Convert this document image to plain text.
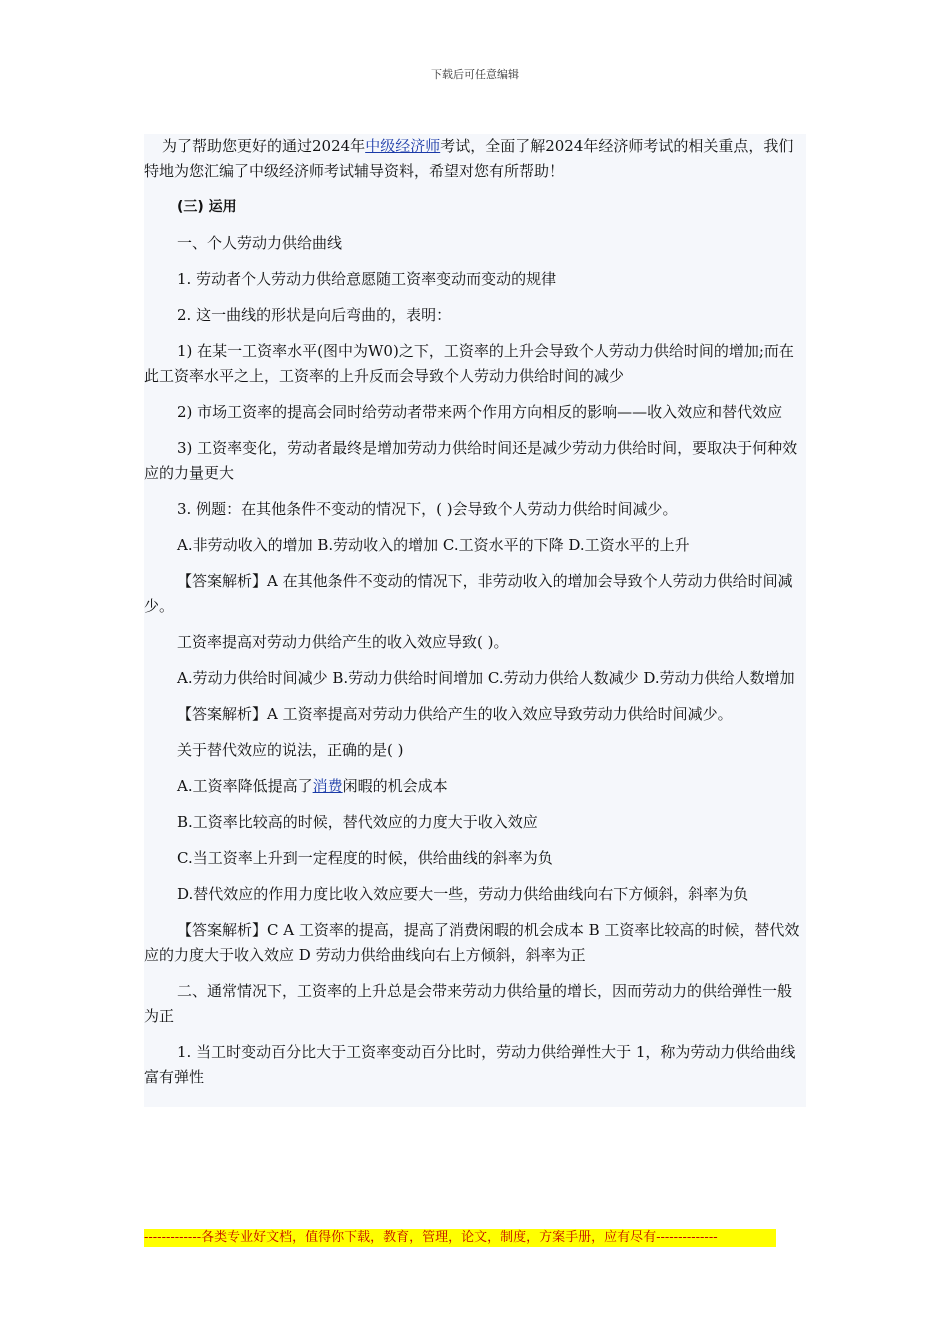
下载后可任意编辑

为了帮助您更好的通过2024年中级经济师考试，全面了解2024年经济师考试的相关重点，我们特地为您汇编了中级经济师考试辅导资料，希望对您有所帮助！

(三) 运用

一、个人劳动力供给曲线

1. 劳动者个人劳动力供给意愿随工资率变动而变动的规律

2. 这一曲线的形状是向后弯曲的，表明：

1) 在某一工资率水平(图中为W0)之下，工资率的上升会导致个人劳动力供给时间的增加;而在此工资率水平之上，工资率的上升反而会导致个人劳动力供给时间的减少

2) 市场工资率的提高会同时给劳动者带来两个作用方向相反的影响——收入效应和替代效应

3) 工资率变化，劳动者最终是增加劳动力供给时间还是减少劳动力供给时间，要取决于何种效应的力量更大

3. 例题：在其他条件不变动的情况下，( )会导致个人劳动力供给时间减少。

A.非劳动收入的增加 B.劳动收入的增加 C.工资水平的下降 D.工资水平的上升

【答案解析】A 在其他条件不变动的情况下，非劳动收入的增加会导致个人劳动力供给时间减少。

工资率提高对劳动力供给产生的收入效应导致( )。

A.劳动力供给时间减少 B.劳动力供给时间增加 C.劳动力供给人数减少 D.劳动力供给人数增加

【答案解析】A 工资率提高对劳动力供给产生的收入效应导致劳动力供给时间减少。

关于替代效应的说法，正确的是( )

A.工资率降低提高了消费闲暇的机会成本

B.工资率比较高的时候，替代效应的力度大于收入效应

C.当工资率上升到一定程度的时候，供给曲线的斜率为负

D.替代效应的作用力度比收入效应要大一些，劳动力供给曲线向右下方倾斜，斜率为负

【答案解析】C A 工资率的提高，提高了消费闲暇的机会成本 B 工资率比较高的时候，替代效应的力度大于收入效应 D 劳动力供给曲线向右上方倾斜，斜率为正

二、通常情况下，工资率的上升总是会带来劳动力供给量的增长，因而劳动力的供给弹性一般为正

1. 当工时变动百分比大于工资率变动百分比时，劳动力供给弹性大于 1，称为劳动力供给曲线富有弹性

-------------各类专业好文档，值得你下载，教育，管理，论文，制度，方案手册，应有尽有--------------
